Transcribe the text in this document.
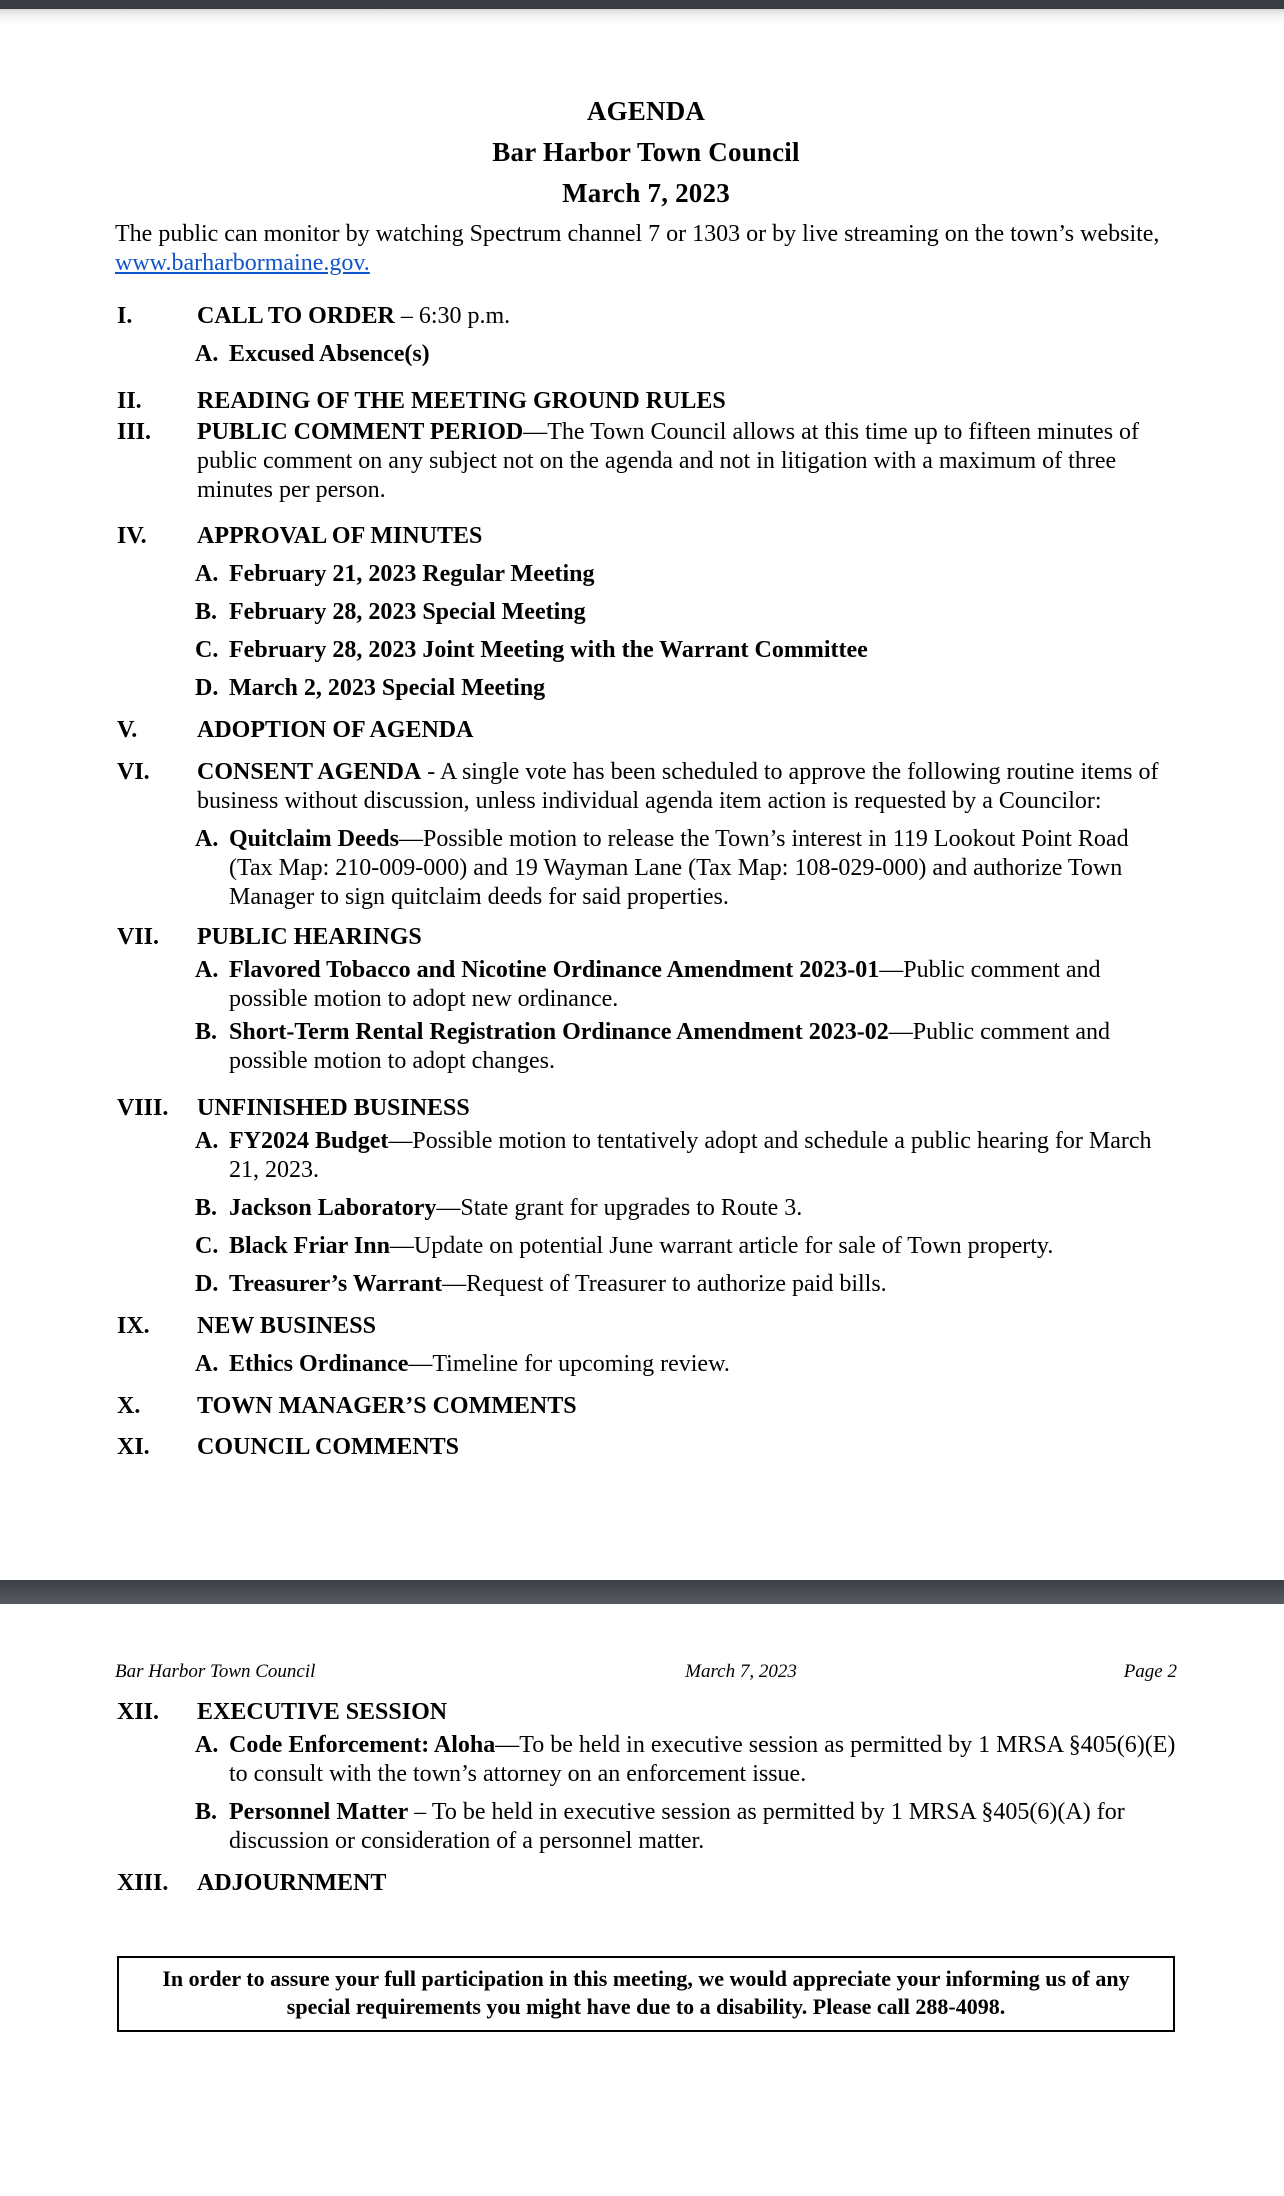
AGENDA
Bar Harbor Town Council
March 7, 2023

The public can monitor by watching Spectrum channel 7 or 1303 or by live streaming on the town’s website, www.barharbormaine.gov.

I.	CALL TO ORDER – 6:30 p.m.
A. Excused Absence(s)
II.	READING OF THE MEETING GROUND RULES
III.	PUBLIC COMMENT PERIOD—The Town Council allows at this time up to fifteen minutes of public comment on any subject not on the agenda and not in litigation with a maximum of three minutes per person.
IV.	APPROVAL OF MINUTES
A. February 21, 2023 Regular Meeting
B. February 28, 2023 Special Meeting
C. February 28, 2023 Joint Meeting with the Warrant Committee
D. March 2, 2023 Special Meeting
V.	ADOPTION OF AGENDA
VI.	CONSENT AGENDA - A single vote has been scheduled to approve the following routine items of business without discussion, unless individual agenda item action is requested by a Councilor:
A. Quitclaim Deeds—Possible motion to release the Town’s interest in 119 Lookout Point Road (Tax Map: 210-009-000) and 19 Wayman Lane (Tax Map: 108-029-000) and authorize Town Manager to sign quitclaim deeds for said properties.
VII.	PUBLIC HEARINGS
A. Flavored Tobacco and Nicotine Ordinance Amendment 2023-01—Public comment and possible motion to adopt new ordinance.
B. Short-Term Rental Registration Ordinance Amendment 2023-02—Public comment and possible motion to adopt changes.
VIII.	UNFINISHED BUSINESS
A. FY2024 Budget—Possible motion to tentatively adopt and schedule a public hearing for March 21, 2023.
B. Jackson Laboratory—State grant for upgrades to Route 3.
C. Black Friar Inn—Update on potential June warrant article for sale of Town property.
D. Treasurer’s Warrant—Request of Treasurer to authorize paid bills.
IX.	NEW BUSINESS
A. Ethics Ordinance—Timeline for upcoming review.
X.	TOWN MANAGER’S COMMENTS
XI.	COUNCIL COMMENTS
Bar Harbor Town Council	March 7, 2023	Page 2
XII.	EXECUTIVE SESSION
A. Code Enforcement: Aloha—To be held in executive session as permitted by 1 MRSA §405(6)(E) to consult with the town’s attorney on an enforcement issue.
B. Personnel Matter – To be held in executive session as permitted by 1 MRSA §405(6)(A) for discussion or consideration of a personnel matter.
XIII.	ADJOURNMENT
In order to assure your full participation in this meeting, we would appreciate your informing us of any special requirements you might have due to a disability. Please call 288-4098.
